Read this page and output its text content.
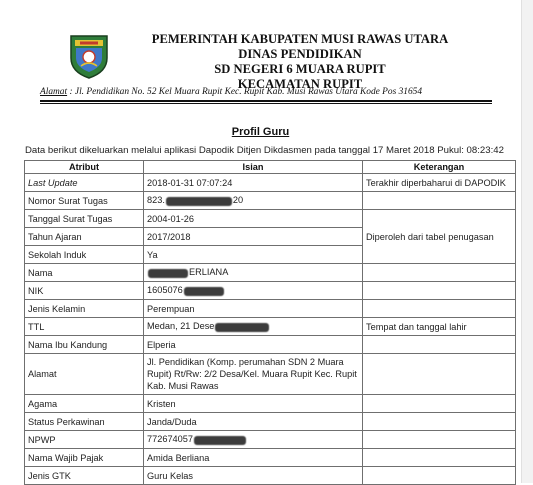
PEMERINTAH KABUPATEN MUSI RAWAS UTARA
DINAS PENDIDIKAN
SD NEGERI 6 MUARA RUPIT
KECAMATAN RUPIT
Alamat : Jl. Pendidikan No. 52 Kel Muara Rupit Kec. Rupit Kab. Musi Rawas Utara Kode Pos 31654
Profil Guru
Data berikut dikeluarkan melalui aplikasi Dapodik Ditjen Dikdasmen pada tanggal 17 Maret 2018 Pukul: 08:23:42
Atribut	Isian	Keterangan
Last Update	2018-01-31 07:07:24	Terakhir diperbaharui di DAPODIK
Nomor Surat Tugas	823. 20	
Tanggal Surat Tugas	2004-01-26	Diperoleh dari tabel penugasan
Tahun Ajaran	2017/2018	
Sekolah Induk	Ya	
Nama	ERLIANA	
NIK	1605076	
Jenis Kelamin	Perempuan	
TTL	Medan, 21 Dese	Tempat dan tanggal lahir
Nama Ibu Kandung	Elperia	
Alamat	Jl. Pendidikan (Komp. perumahan SDN 2 Muara Rupit) Rt/Rw: 2/2 Desa/Kel. Muara Rupit Kec. Rupit Kab. Musi Rawas	
Agama	Kristen	
Status Perkawinan	Janda/Duda	
NPWP	772674057	
Nama Wajib Pajak	Amida Berliana	
Jenis GTK	Guru Kelas	
